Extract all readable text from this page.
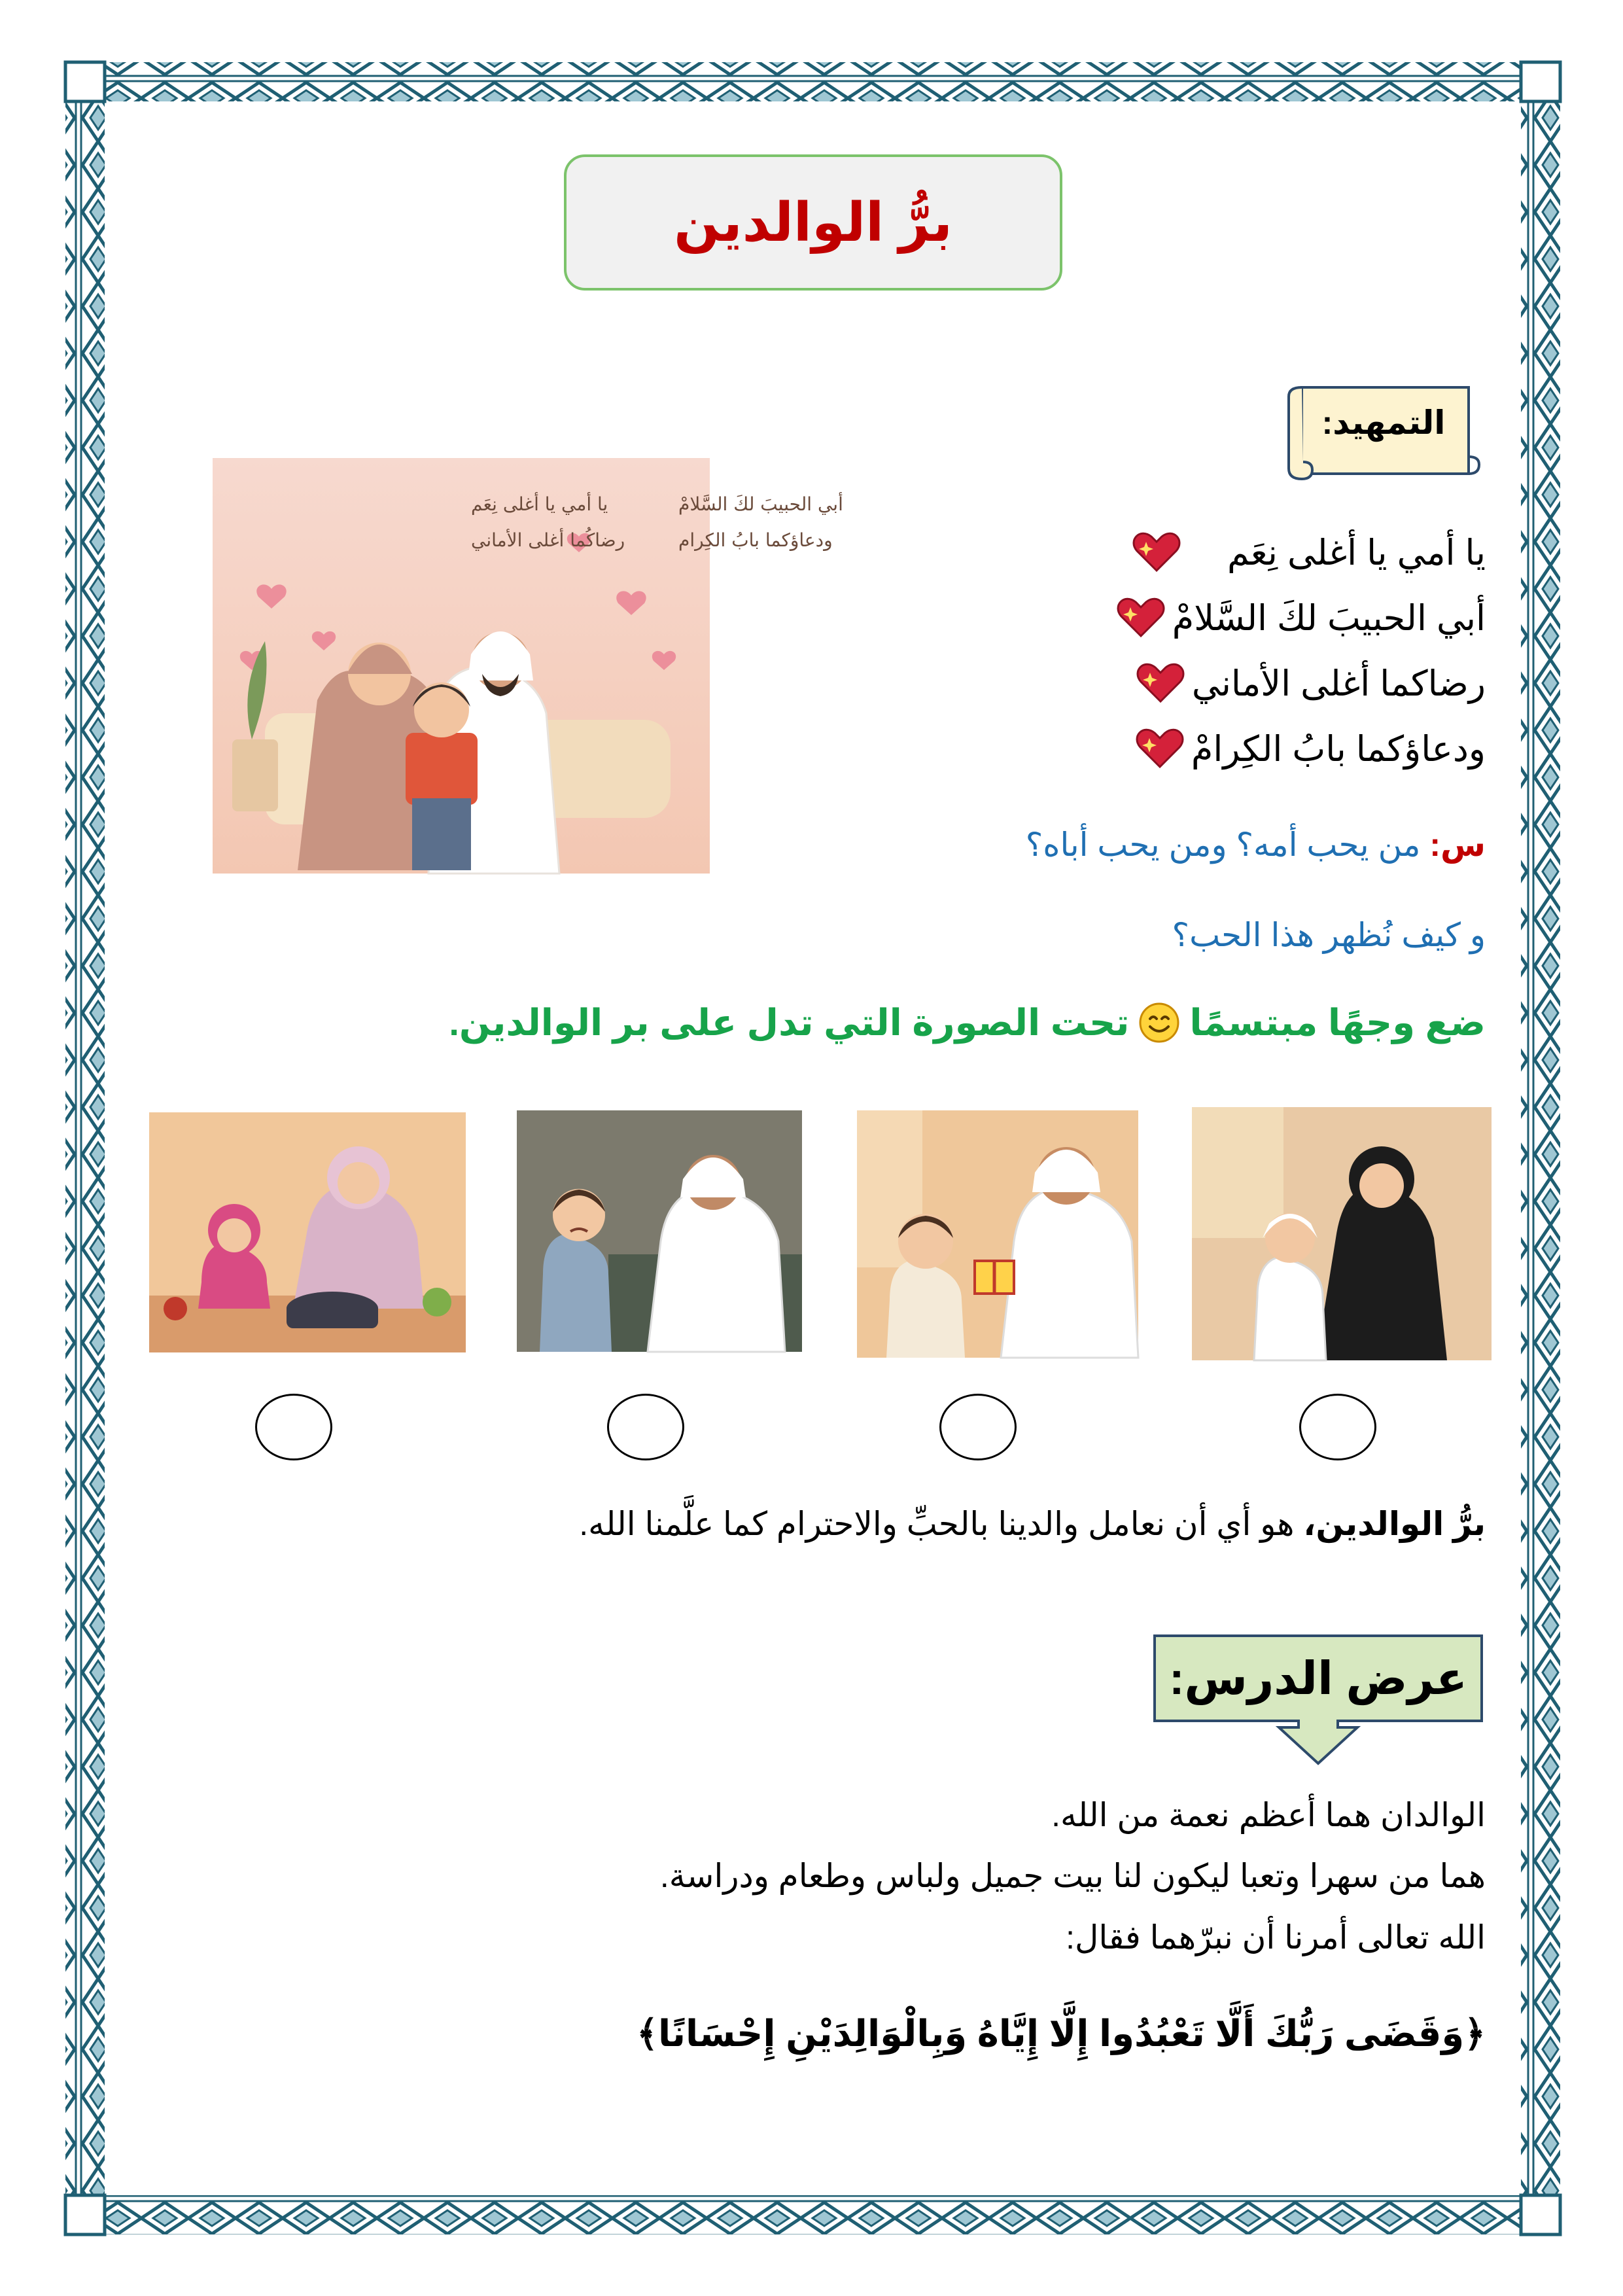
برُّ الوالدين
التمهيد:
يا أمي يا أغلى نِعَم	أبي الحبيبَ لكَ السَّلامْ
رضاكُما أغلى الأماني	ودعاؤكما بابُ الكِرام	يا أمي يا أغلى نِعَم
أبي الحبيبَ لكَ السَّلامْ
رضاكما أغلى الأماني
ودعاؤكما بابُ الكِرامْ
س: من يحب أمه؟ ومن يحب أباه؟
و كيف نُظهر هذا الحب؟
ضع وجهًا مبتسمًا
تحت الصورة التي تدل على بر الوالدين.
برُّ الوالدين، هو أي أن نعامل والدينا بالحبِّ والاحترام كما علَّمنا الله.
عرض الدرس:
الوالدان هما أعظم نعمة من الله.
هما من سهرا وتعبا ليكون لنا بيت جميل ولباس وطعام ودراسة.
الله تعالى أمرنا أن نبرّهما فقال:
﴿وَقَضَى رَبُّكَ أَلَّا تَعْبُدُوا إِلَّا إِيَّاهُ وَبِالْوَالِدَيْنِ إِحْسَانًا﴾
